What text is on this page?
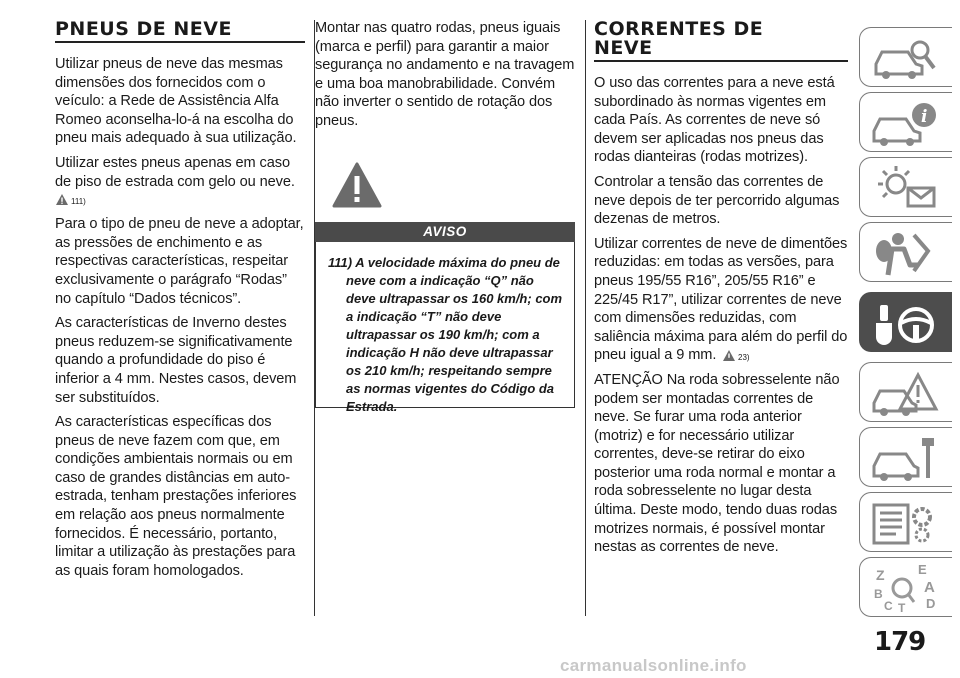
PNEUS DE NEVE

Utilizar pneus de neve das mesmas dimensões dos fornecidos com o veículo: a Rede de Assistência Alfa Romeo aconselha-lo-á na escolha do pneu mais adequado à sua utilização.

Utilizar estes pneus apenas em caso de piso de estrada com gelo ou neve.

111)

Para o tipo de pneu de neve a adoptar, as pressões de enchimento e as respectivas características, respeitar exclusivamente o parágrafo “Rodas” no capítulo “Dados técnicos”.

As características de Inverno destes pneus reduzem-se significativamente quando a profundidade do piso é inferior a 4 mm. Nestes casos, devem ser substituídos.

As características específicas dos pneus de neve fazem com que, em condições ambientais normais ou em caso de grandes distâncias em auto-estrada, tenham prestações inferiores em relação aos pneus normalmente fornecidos. É necessário, portanto, limitar a utilização às prestações para as quais foram homologados.

Montar nas quatro rodas, pneus iguais (marca e perfil) para garantir a maior segurança no andamento e na travagem e uma boa manobrabilidade. Convém não inverter o sentido de rotação dos pneus.

AVISO

111) A velocidade máxima do pneu de neve com a indicação “Q” não deve ultrapassar os 160 km/h; com a indicação “T” não deve ultrapassar os 190 km/h; com a indicação H não deve ultrapassar os 210 km/h; respeitando sempre as normas vigentes do Código da Estrada.

CORRENTES DE
NEVE

O uso das correntes para a neve está subordinado às normas vigentes em cada País. As correntes de neve só devem ser aplicadas nos pneus das rodas dianteiras (rodas motrizes).

Controlar a tensão das correntes de neve depois de ter percorrido algumas dezenas de metros.

Utilizar correntes de neve de dimentões reduzidas: em todas as versões, para pneus 195/55 R16”, 205/55 R16” e 225/45 R17”, utilizar correntes de neve com dimensões reduzidas, com saliência máxima para além do perfil do pneu igual a 9 mm.	23)

ATENÇÃO Na roda sobresselente não podem ser montadas correntes de neve. Se furar uma roda anterior (motriz) e for necessário utilizar correntes, deve-se retirar do eixo posterior uma roda normal e montar a roda sobresselente no lugar desta última. Deste modo, tendo duas rodas motrizes normais, é possível montar nestas as correntes de neve.

i
Z	E
A
B
C T D
179
carmanualsonline.info
